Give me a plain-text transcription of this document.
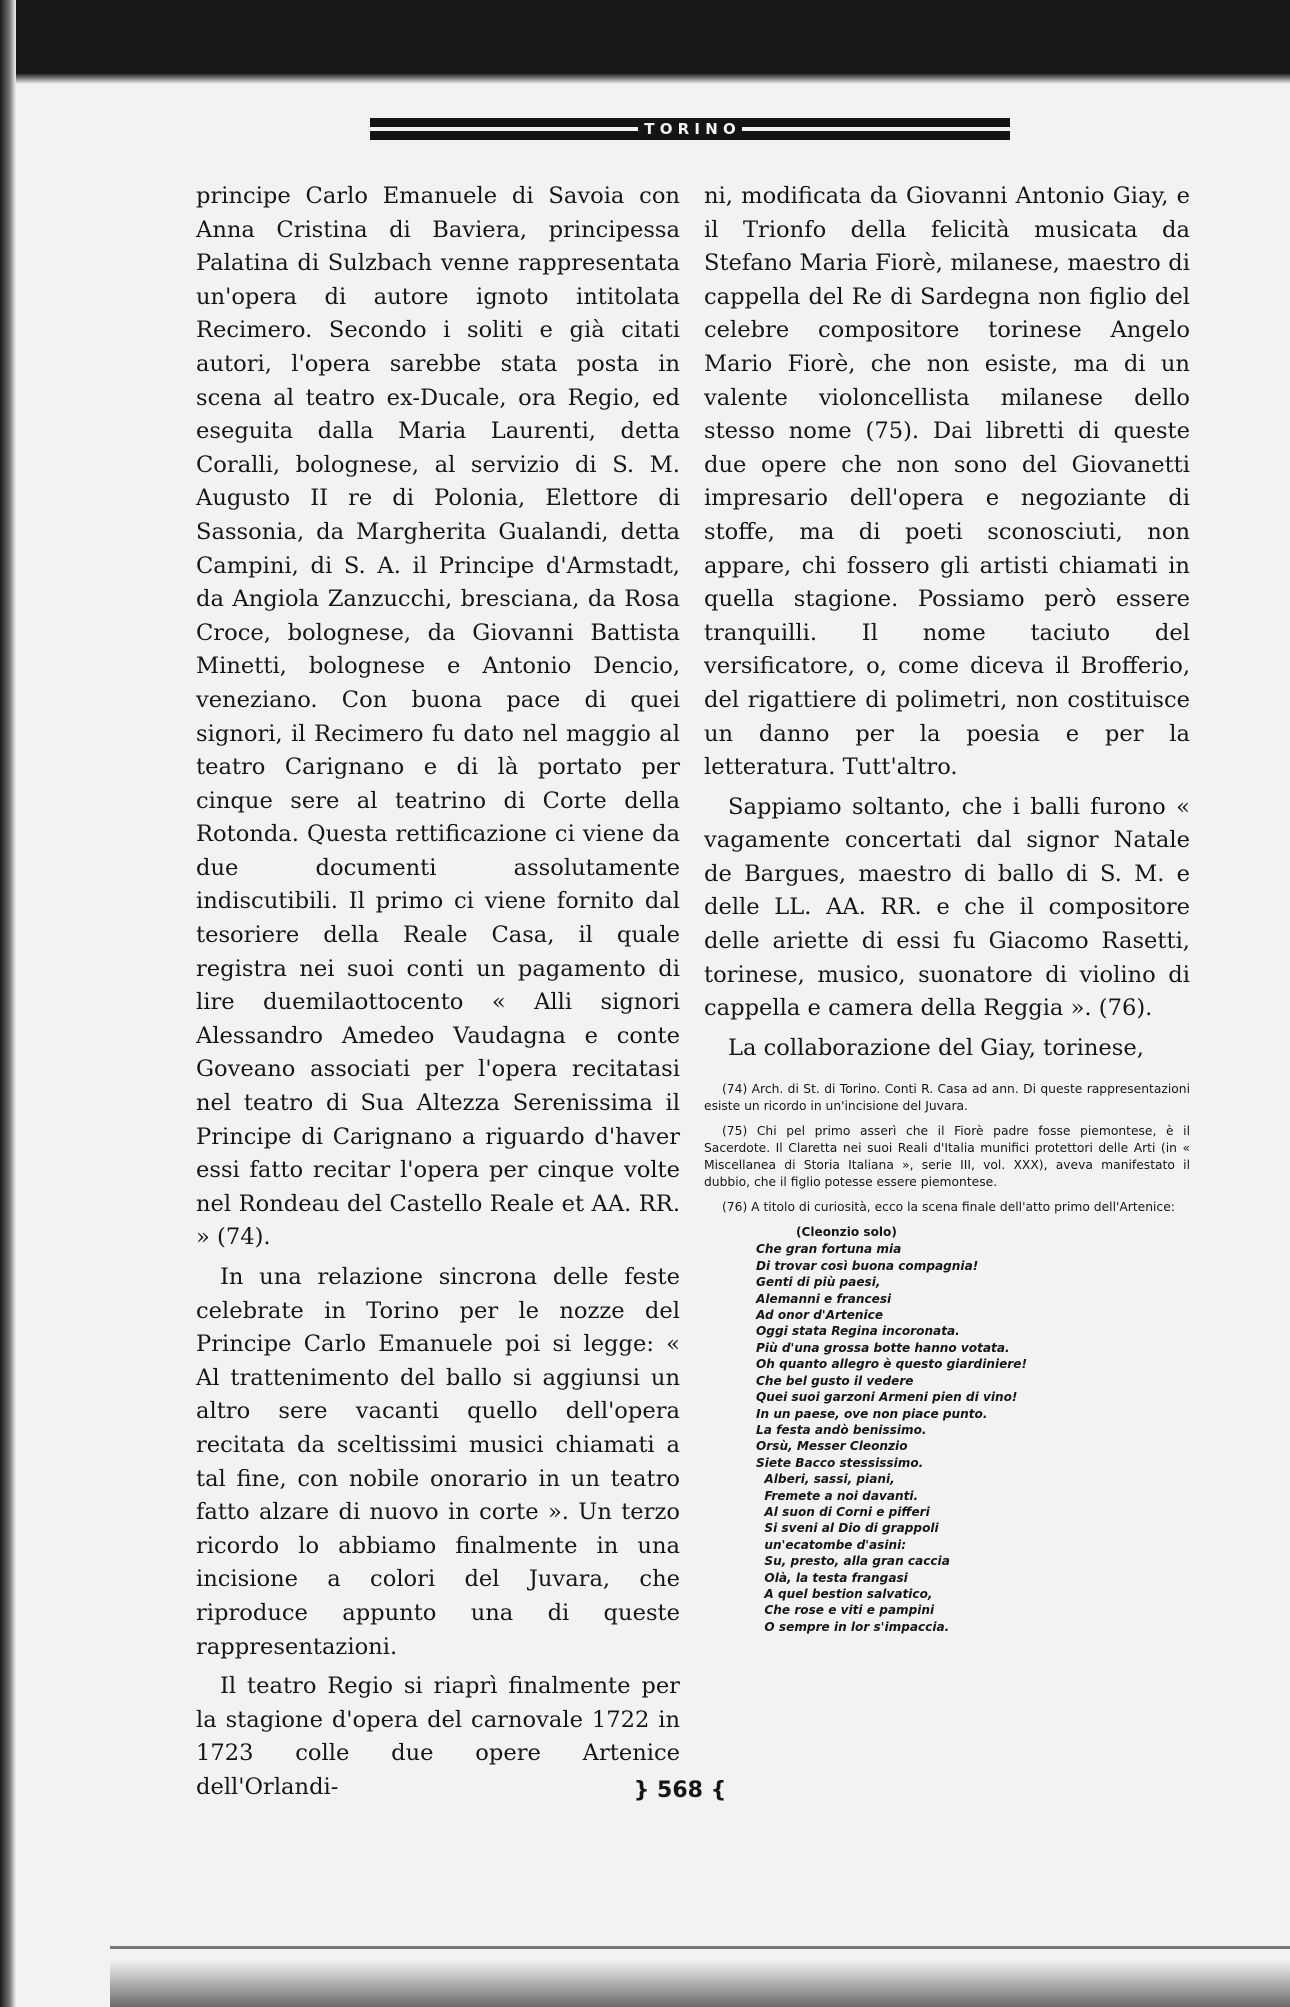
T O R I N O

principe Carlo Emanuele di Savoia con Anna Cristina di Baviera, principessa Palatina di Sulzbach venne rappresentata un'opera di autore ignoto intitolata Recimero. Secondo i soliti e già citati autori, l'opera sarebbe stata posta in scena al teatro ex-Ducale, ora Regio, ed eseguita dalla Maria Laurenti, detta Coralli, bolognese, al servizio di S. M. Augusto II re di Polonia, Elettore di Sassonia, da Margherita Gualandi, detta Campini, di S. A. il Principe d'Armstadt, da Angiola Zanzucchi, bresciana, da Rosa Croce, bolognese, da Giovanni Battista Minetti, bolognese e Antonio Dencio, veneziano. Con buona pace di quei signori, il Recimero fu dato nel maggio al teatro Carignano e di là portato per cinque sere al teatrino di Corte della Rotonda. Questa rettificazione ci viene da due documenti assolutamente indiscutibili. Il primo ci viene fornito dal tesoriere della Reale Casa, il quale registra nei suoi conti un pagamento di lire duemilaottocento « Alli signori Alessandro Amedeo Vaudagna e conte Goveano associati per l'opera recitatasi nel teatro di Sua Altezza Serenissima il Principe di Carignano a riguardo d'haver essi fatto recitar l'opera per cinque volte nel Rondeau del Castello Reale et AA. RR. » (74).

In una relazione sincrona delle feste celebrate in Torino per le nozze del Principe Carlo Emanuele poi si legge: « Al trattenimento del ballo si aggiunsi un altro sere vacanti quello dell'opera recitata da sceltissimi musici chiamati a tal fine, con nobile onorario in un teatro fatto alzare di nuovo in corte ». Un terzo ricordo lo abbiamo finalmente in una incisione a colori del Juvara, che riproduce appunto una di queste rappresentazioni.

Il teatro Regio si riaprì finalmente per la stagione d'opera del carnovale 1722 in 1723 colle due opere Artenice dell'Orlandi-

ni, modificata da Giovanni Antonio Giay, e il Trionfo della felicità musicata da Stefano Maria Fiorè, milanese, maestro di cappella del Re di Sardegna non figlio del celebre compositore torinese Angelo Mario Fiorè, che non esiste, ma di un valente violoncellista milanese dello stesso nome (75). Dai libretti di queste due opere che non sono del Giovanetti impresario dell'opera e negoziante di stoffe, ma di poeti sconosciuti, non appare, chi fossero gli artisti chiamati in quella stagione. Possiamo però essere tranquilli. Il nome taciuto del versificatore, o, come diceva il Brofferio, del rigattiere di polimetri, non costituisce un danno per la poesia e per la letteratura. Tutt'altro.

Sappiamo soltanto, che i balli furono « vagamente concertati dal signor Natale de Bargues, maestro di ballo di S. M. e delle LL. AA. RR. e che il compositore delle ariette di essi fu Giacomo Rasetti, torinese, musico, suonatore di violino di cappella e camera della Reggia ». (76).

La collaborazione del Giay, torinese,

(74) Arch. di St. di Torino. Conti R. Casa ad ann. Di queste rappresentazioni esiste un ricordo in un'incisione del Juvara.

(75) Chi pel primo asserì che il Fiorè padre fosse piemontese, è il Sacerdote. Il Claretta nei suoi Reali d'Italia munifici protettori delle Arti (in « Miscellanea di Storia Italiana », serie III, vol. XXX), aveva manifestato il dubbio, che il figlio potesse essere piemontese.

(76) A titolo di curiosità, ecco la scena finale dell'atto primo dell'Artenice:

(Cleonzio solo)
Che gran fortuna mia
Di trovar così buona compagnia!
Genti di più paesi,
Alemanni e francesi
Ad onor d'Artenice
Oggi stata Regina incoronata.
Più d'una grossa botte hanno votata.
Oh quanto allegro è questo giardiniere!
Che bel gusto il vedere
Quei suoi garzoni Armeni pien di vino!
In un paese, ove non piace punto.
La festa andò benissimo.
Orsù, Messer Cleonzio
Siete Bacco stessissimo.
Alberi, sassi, piani,
Fremete a noi davanti.
Al suon di Corni e pifferi
Si sveni al Dio di grappoli
un'ecatombe d'asini:
Su, presto, alla gran caccia
Olà, la testa frangasi
A quel bestion salvatico,
Che rose e viti e pampini
O sempre in lor s'impaccia.
} 568 {
